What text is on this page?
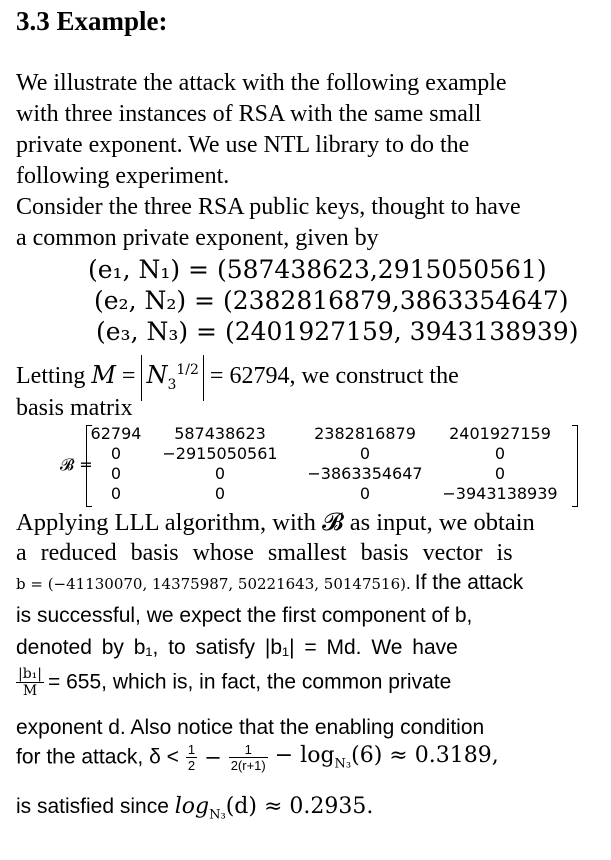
3.3 Example:
We illustrate the attack with the following example
with three instances of RSA with the same small
private exponent. We use NTL library to do the
following experiment.
Consider the three RSA public keys, thought to have
a common private exponent, given by
(e₁, N₁) = (587438623,2915050561)
(e₂, N₂) = (2382816879,3863354647)
(e₃, N₃) = (2401927159, 3943138939)
Letting $M = N_3^{1/2} = 62794$, we construct the
basis matrix
𝓑 =
62794	587438623	2382816879	2401927159
0	−2915050561	0	0
0	0	−3863354647	0
0	0	0	−3943138939
Applying LLL algorithm, with 𝓑 as input, we obtain
a reduced basis whose smallest basis vector is
b = (−41130070, 14375987, 50221643, 50147516). If the attack
is successful, we expect the first component of b,
denoted by b₁, to satisfy |b₁| = Md. We have
$\frac{\text{|b₁|}}{M} = 655$, which is, in fact, the common private
exponent d. Also notice that the enabling condition
for the attack, $\delta < \frac{1}{2} - \frac{1}{2(r+1)} - \log_{N_3}(6) \approx 0.3189$,
is satisfied since $\log_{N_3}(d) \approx 0.2935$.
